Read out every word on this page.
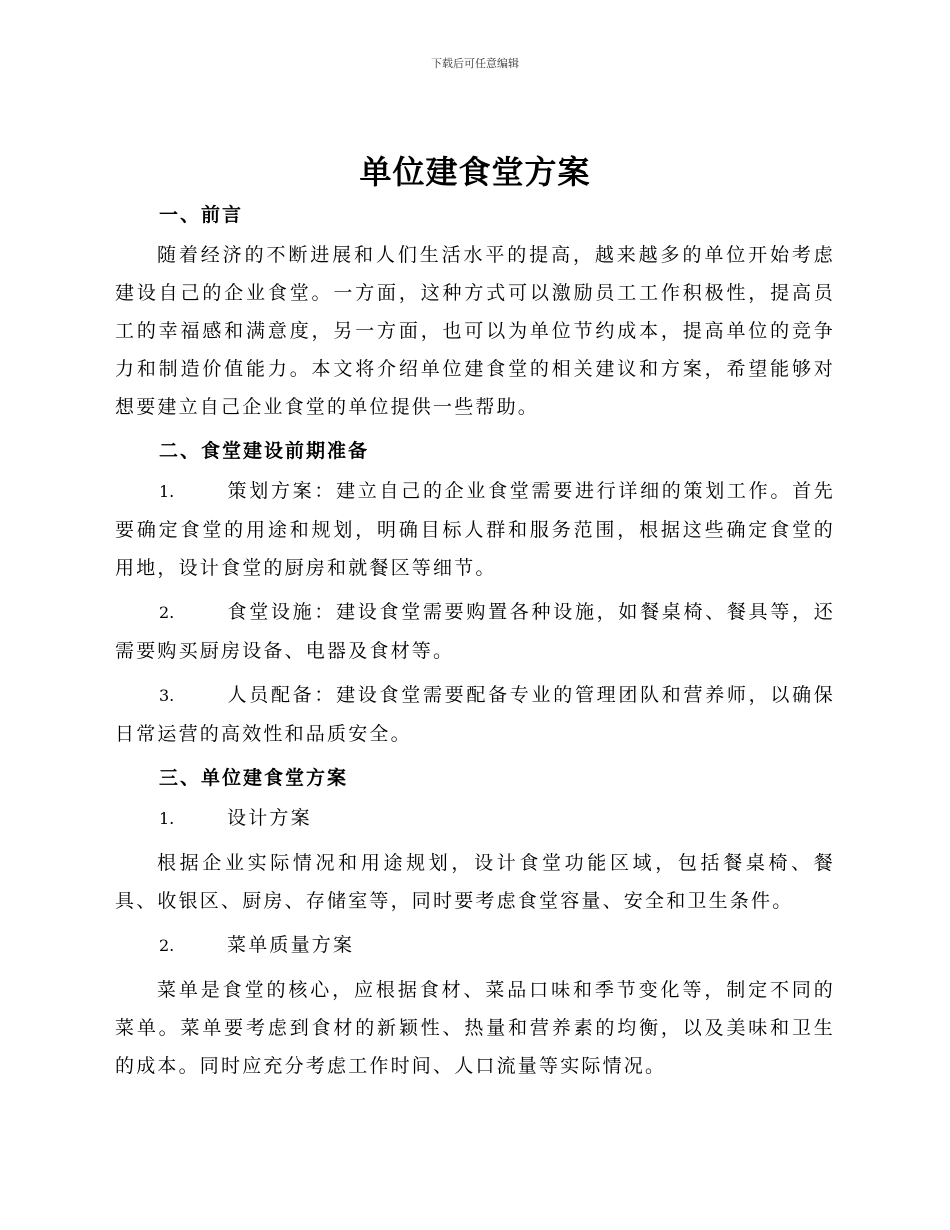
下载后可任意编辑
单位建食堂方案
一、前言
随着经济的不断进展和人们生活水平的提高，越来越多的单位开始考虑建设自己的企业食堂。一方面，这种方式可以激励员工工作积极性，提高员工的幸福感和满意度，另一方面，也可以为单位节约成本，提高单位的竞争力和制造价值能力。本文将介绍单位建食堂的相关建议和方案，希望能够对想要建立自己企业食堂的单位提供一些帮助。
二、食堂建设前期准备
1.	策划方案：建立自己的企业食堂需要进行详细的策划工作。首先要确定食堂的用途和规划，明确目标人群和服务范围，根据这些确定食堂的用地，设计食堂的厨房和就餐区等细节。
2.	食堂设施：建设食堂需要购置各种设施，如餐桌椅、餐具等，还需要购买厨房设备、电器及食材等。
3.	人员配备：建设食堂需要配备专业的管理团队和营养师，以确保日常运营的高效性和品质安全。
三、单位建食堂方案
1.	设计方案
根据企业实际情况和用途规划，设计食堂功能区域，包括餐桌椅、餐具、收银区、厨房、存储室等，同时要考虑食堂容量、安全和卫生条件。
2.	菜单质量方案
菜单是食堂的核心，应根据食材、菜品口味和季节变化等，制定不同的菜单。菜单要考虑到食材的新颖性、热量和营养素的均衡，以及美味和卫生的成本。同时应充分考虑工作时间、人口流量等实际情况。
